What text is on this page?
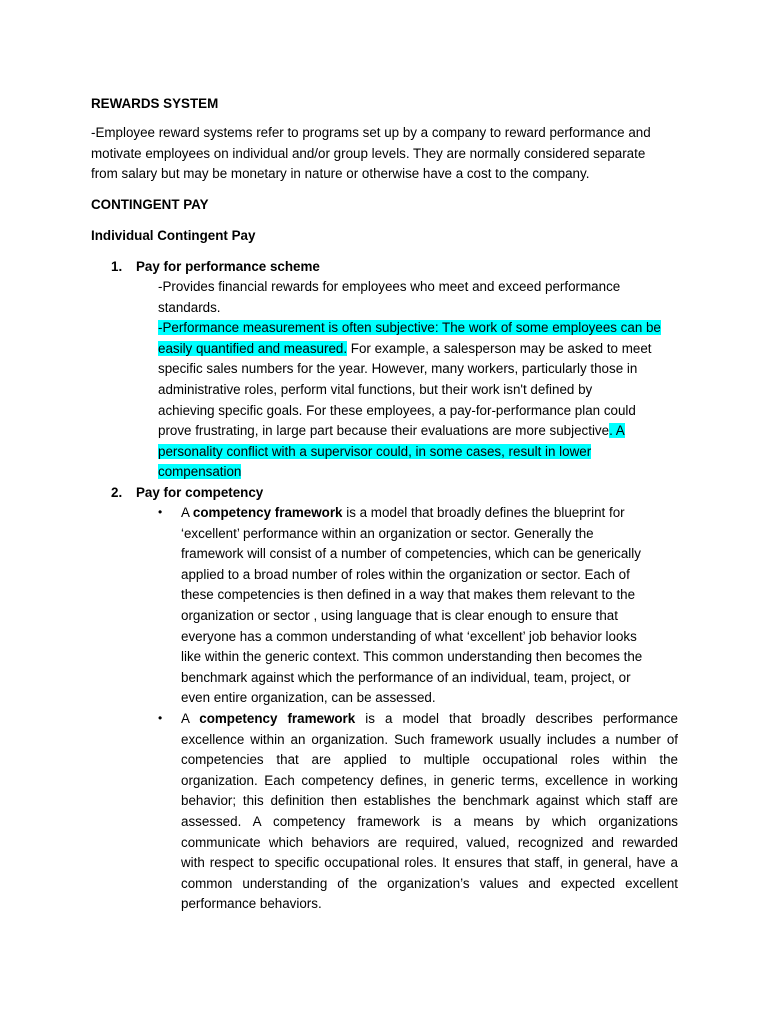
REWARDS SYSTEM
-Employee reward systems refer to programs set up by a company to reward performance and
motivate employees on individual and/or group levels. They are normally considered separate
from salary but may be monetary in nature or otherwise have a cost to the company.
CONTINGENT PAY
Individual Contingent Pay
1. Pay for performance scheme
-Provides financial rewards for employees who meet and exceed performance
standards.
-Performance measurement is often subjective: The work of some employees can be
easily quantified and measured. For example, a salesperson may be asked to meet
specific sales numbers for the year. However, many workers, particularly those in
administrative roles, perform vital functions, but their work isn't defined by
achieving specific goals. For these employees, a pay-for-performance plan could
prove frustrating, in large part because their evaluations are more subjective. A
personality conflict with a supervisor could, in some cases, result in lower
compensation
2. Pay for competency
• A competency framework is a model that broadly defines the blueprint for
‘excellent’ performance within an organization or sector. Generally the
framework will consist of a number of competencies, which can be generically
applied to a broad number of roles within the organization or sector. Each of
these competencies is then defined in a way that makes them relevant to the
organization or sector , using language that is clear enough to ensure that
everyone has a common understanding of what ‘excellent’ job behavior looks
like within the generic context. This common understanding then becomes the
benchmark against which the performance of an individual, team, project, or
even entire organization, can be assessed.
• A competency framework is a model that broadly describes performance
excellence within an organization. Such framework usually includes a number of
competencies that are applied to multiple occupational roles within the
organization. Each competency defines, in generic terms, excellence in working
behavior; this definition then establishes the benchmark against which staff are
assessed. A competency framework is a means by which organizations
communicate which behaviors are required, valued, recognized and rewarded
with respect to specific occupational roles. It ensures that staff, in general, have a
common understanding of the organization’s values and expected excellent
performance behaviors.
